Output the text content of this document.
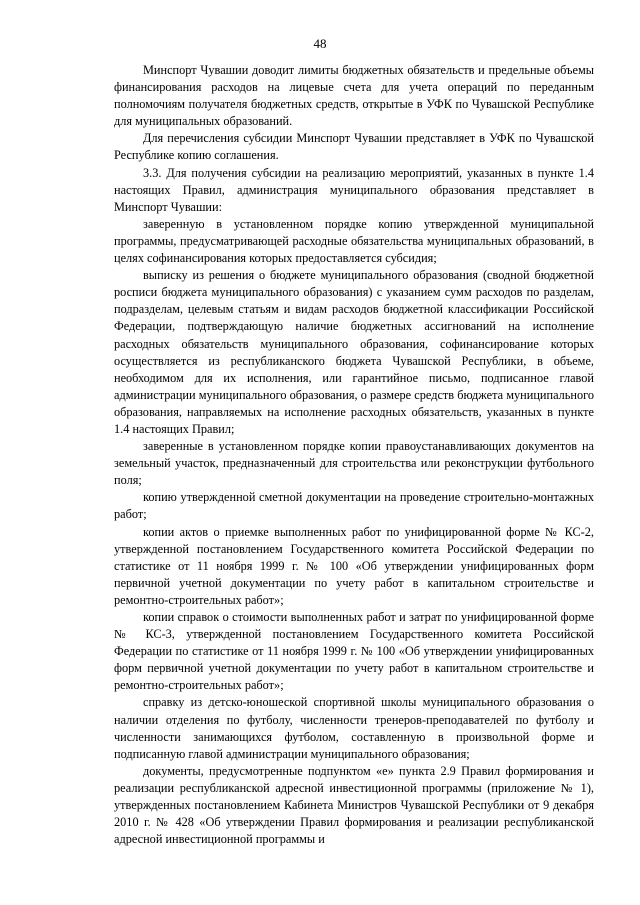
48

Минспорт Чувашии доводит лимиты бюджетных обязательств и предельные объемы финансирования расходов на лицевые счета для учета операций по переданным полномочиям получателя бюджетных средств, открытые в УФК по Чувашской Республике для муниципальных образований.

Для перечисления субсидии Минспорт Чувашии представляет в УФК по Чувашской Республике копию соглашения.

3.3. Для получения субсидии на реализацию мероприятий, указанных в пункте 1.4 настоящих Правил, администрация муниципального образования представляет в Минспорт Чувашии:

заверенную в установленном порядке копию утвержденной муниципальной программы, предусматривающей расходные обязательства муниципальных образований, в целях софинансирования которых предоставляется субсидия;

выписку из решения о бюджете муниципального образования (сводной бюджетной росписи бюджета муниципального образования) с указанием сумм расходов по разделам, подразделам, целевым статьям и видам расходов бюджетной классификации Российской Федерации, подтверждающую наличие бюджетных ассигнований на исполнение расходных обязательств муниципального образования, софинансирование которых осуществляется из республиканского бюджета Чувашской Республики, в объеме, необходимом для их исполнения, или гарантийное письмо, подписанное главой администрации муниципального образования, о размере средств бюджета муниципального образования, направляемых на исполнение расходных обязательств, указанных в пункте 1.4 настоящих Правил;

заверенные в установленном порядке копии правоустанавливающих документов на земельный участок, предназначенный для строительства или реконструкции футбольного поля;

копию утвержденной сметной документации на проведение строительно-монтажных работ;

копии актов о приемке выполненных работ по унифицированной форме № КС-2, утвержденной постановлением Государственного комитета Российской Федерации по статистике от 11 ноября 1999 г. № 100 «Об утверждении унифицированных форм первичной учетной документации по учету работ в капитальном строительстве и ремонтно-строительных работ»;

копии справок о стоимости выполненных работ и затрат по унифицированной форме № КС-3, утвержденной постановлением Государственного комитета Российской Федерации по статистике от 11 ноября 1999 г. № 100 «Об утверждении унифицированных форм первичной учетной документации по учету работ в капитальном строительстве и ремонтно-строительных работ»;

справку из детско-юношеской спортивной школы муниципального образования о наличии отделения по футболу, численности тренеров-преподавателей по футболу и численности занимающихся футболом, составленную в произвольной форме и подписанную главой администрации муниципального образования;

документы, предусмотренные подпунктом «е» пункта 2.9 Правил формирования и реализации республиканской адресной инвестиционной программы (приложение № 1), утвержденных постановлением Кабинета Министров Чувашской Республики от 9 декабря 2010 г. № 428 «Об утверждении Правил формирования и реализации республиканской адресной инвестиционной программы и
